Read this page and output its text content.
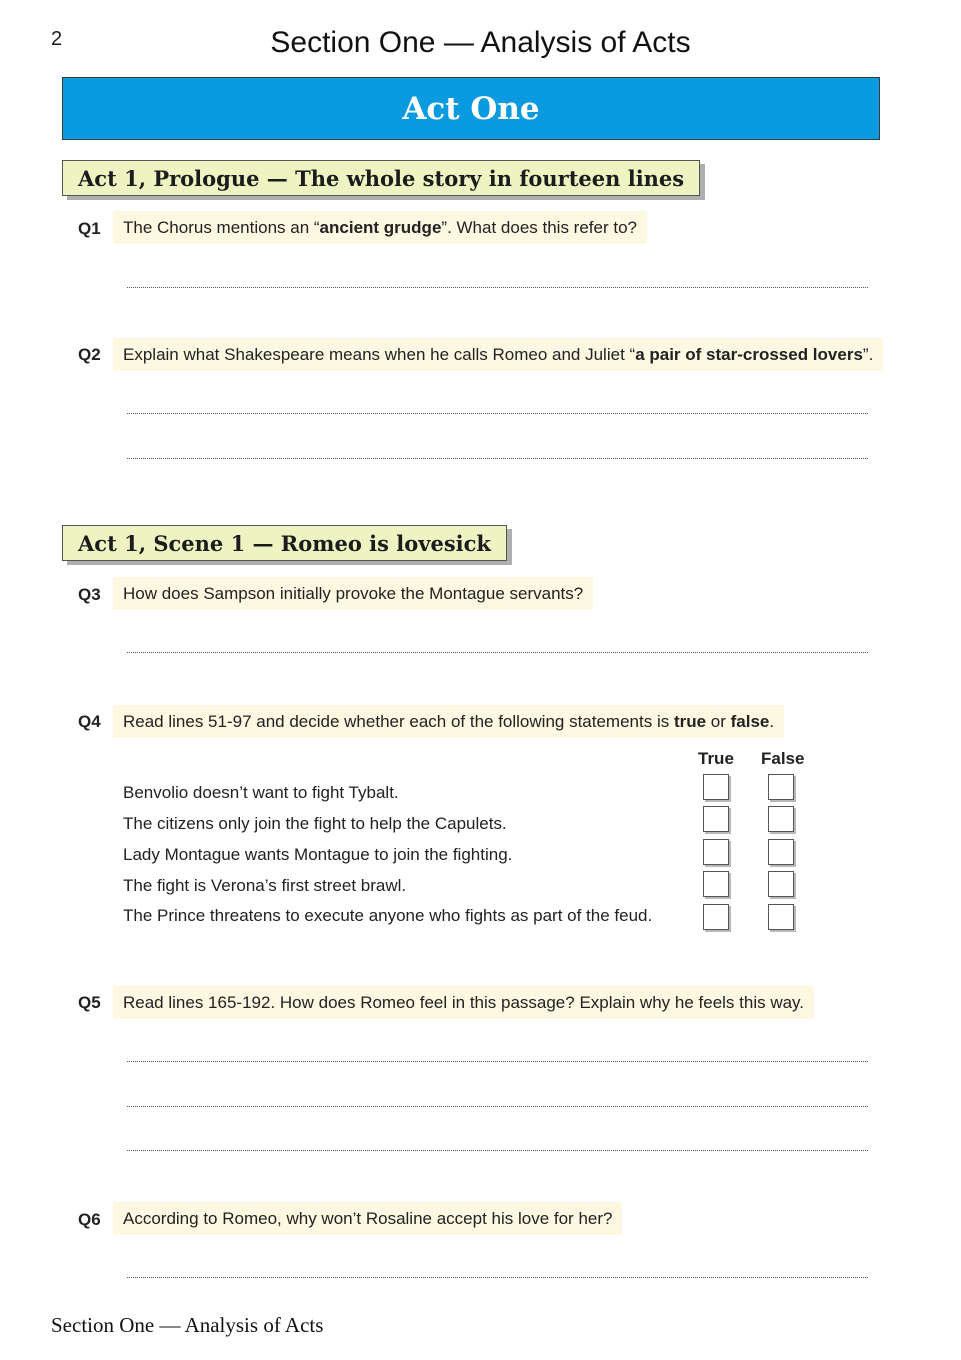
2	Section One — Analysis of Acts
Act One
Act 1, Prologue — The whole story in fourteen lines
Q1	The Chorus mentions an “ancient grudge”. What does this refer to?
Q2	Explain what Shakespeare means when he calls Romeo and Juliet “a pair of star-crossed lovers”.
Act 1, Scene 1 — Romeo is lovesick
Q3	How does Sampson initially provoke the Montague servants?
Q4	Read lines 51-97 and decide whether each of the following statements is true or false.
True False
Benvolio doesn’t want to fight Tybalt.
The citizens only join the fight to help the Capulets.
Lady Montague wants Montague to join the fighting.
The fight is Verona’s first street brawl.
The Prince threatens to execute anyone who fights as part of the feud.
Q5	Read lines 165-192. How does Romeo feel in this passage? Explain why he feels this way.
Q6	According to Romeo, why won’t Rosaline accept his love for her?
Section One — Analysis of Acts
